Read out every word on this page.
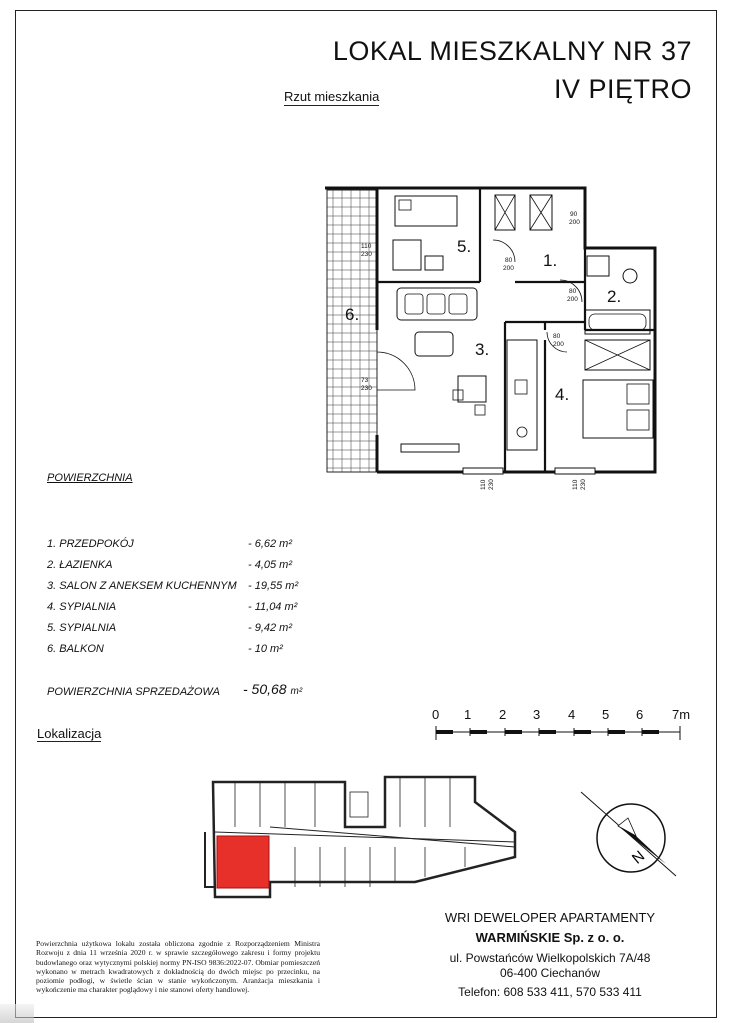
LOKAL MIESZKALNY NR 37
IV PIĘTRO
Rzut mieszkania
1.
2.
3.
4.
5.
6.
90
200
80
200
80
200
80
200
110
230
73
230
110 230	110 230
POWIERZCHNIA
1. PRZEDPOKÓJ	- 6,62 m²
2. ŁAZIENKA	- 4,05 m²
3. SALON Z ANEKSEM KUCHENNYM - 19,55 m²
4. SYPIALNIA	- 11,04 m²
5. SYPIALNIA	- 9,42 m²
6. BALKON	- 10 m²
POWIERZCHNIA SPRZEDAŻOWA - 50,68 m²
0 1 2 3 4 5 6 7m
Lokalizacja
N
WRI DEWELOPER APARTAMENTY
WARMIŃSKIE Sp. z o. o.
ul. Powstańców Wielkopolskich 7A/48
06-400 Ciechanów
Telefon: 608 533 411, 570 533 411
Powierzchnia użytkowa lokalu została obliczona zgodnie z Rozporządzeniem Ministra Rozwoju z dnia 11 września 2020 r. w sprawie szczegółowego zakresu i formy projektu budowlanego oraz wytycznymi polskiej normy PN-ISO 9836:2022-07. Obmiar pomieszczeń wykonano w metrach kwadratowych z dokładnością do dwóch miejsc po przecinku, na poziomie podłogi, w świetle ścian w stanie wykończonym. Aranżacja mieszkania i wykończenie ma charakter poglądowy i nie stanowi oferty handlowej.
